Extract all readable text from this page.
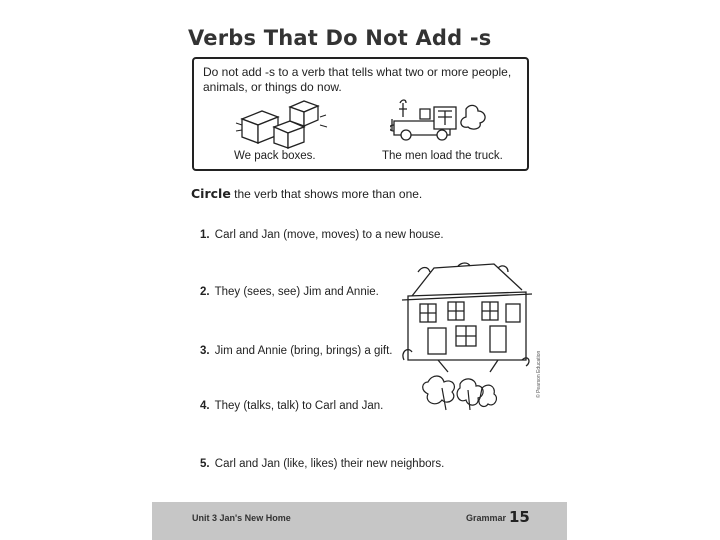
Verbs That Do Not Add -s

Do not add -s to a verb that tells what two or more people, animals, or things do now.

We pack boxes.	The men load the truck.

Circle the verb that shows more than one.

1. Carl and Jan (move, moves) to a new house.

2. They (sees, see) Jim and Annie.

3. Jim and Annie (bring, brings) a gift.

4. They (talks, talk) to Carl and Jan.

5. Carl and Jan (like, likes) their new neighbors.

© Pearson Education
Unit 3 Jan's New Home	Grammar 15
